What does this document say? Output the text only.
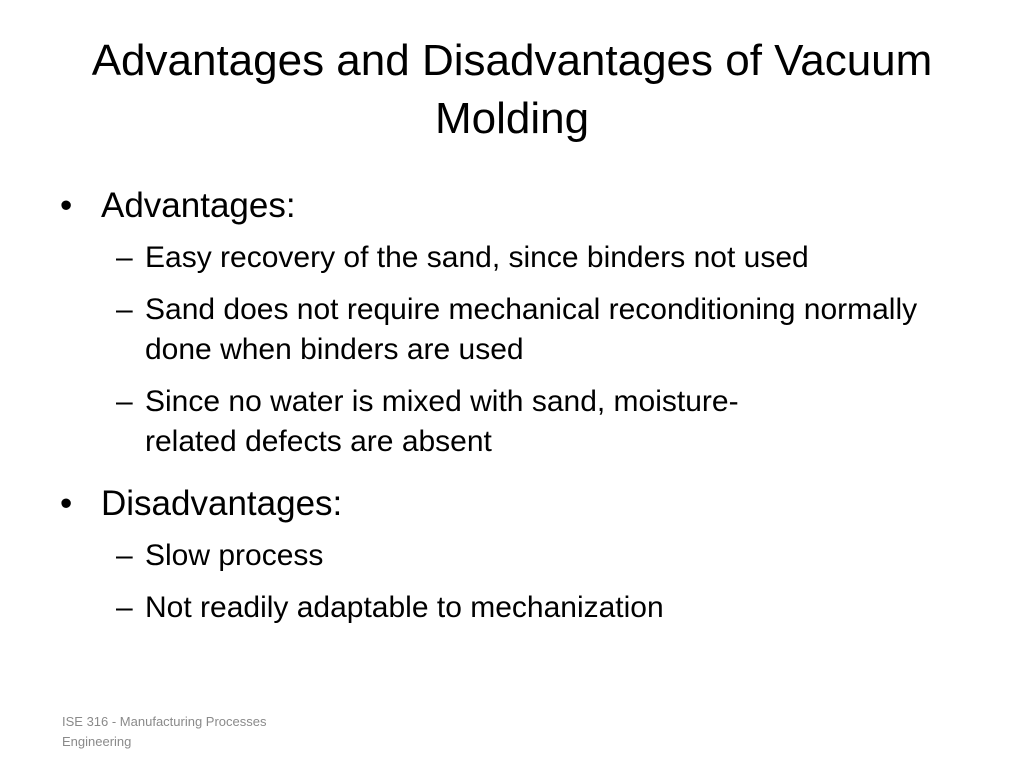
Advantages and Disadvantages of Vacuum Molding
• Advantages:
– Easy recovery of the sand, since binders not used
– Sand does not require mechanical reconditioning normally done when binders are used
– Since no water is mixed with sand, moisture-related defects are absent
• Disadvantages:
– Slow process
– Not readily adaptable to mechanization
ISE 316 - Manufacturing Processes Engineering
